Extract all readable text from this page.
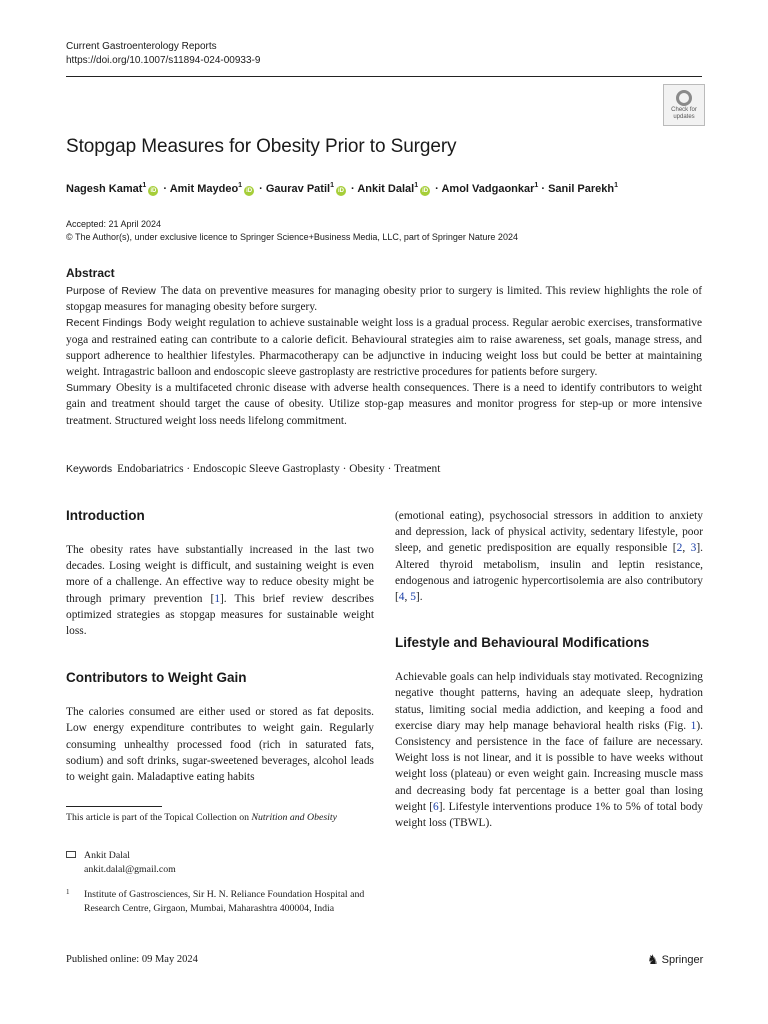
Current Gastroenterology Reports
https://doi.org/10.1007/s11894-024-00933-9
Check for
updates
Stopgap Measures for Obesity Prior to Surgery
Nagesh Kamat$^1$iD · Amit Maydeo$^1$iD · Gaurav Patil$^1$iD · Ankit Dalal$^1$iD · Amol Vadgaonkar$^1$ · Sanil Parekh$^1$
Accepted: 21 April 2024
© The Author(s), under exclusive licence to Springer Science+Business Media, LLC, part of Springer Nature 2024
Abstract

Purpose of Review The data on preventive measures for managing obesity prior to surgery is limited. This review highlights the role of stopgap measures for managing obesity before surgery.

Recent Findings Body weight regulation to achieve sustainable weight loss is a gradual process. Regular aerobic exercises, transformative yoga and restrained eating can contribute to a calorie deficit. Behavioural strategies aim to raise awareness, set goals, manage stress, and support adherence to healthier lifestyles. Pharmacotherapy can be adjunctive in inducing weight loss but could be better at maintaining weight. Intragastric balloon and endoscopic sleeve gastroplasty are restrictive procedures for patients before surgery.

Summary Obesity is a multifaceted chronic disease with adverse health consequences. There is a need to identify contributors to weight gain and treatment should target the cause of obesity. Utilize stop-gap measures and monitor progress for step-up or more intensive treatment. Structured weight loss needs lifelong commitment.

Keywords Endobariatrics · Endoscopic Sleeve Gastroplasty · Obesity · Treatment
Introduction

The obesity rates have substantially increased in the last two decades. Losing weight is difficult, and sustaining weight is even more of a challenge. An effective way to reduce obesity might be through primary prevention [1]. This brief review describes optimized strategies as stopgap measures for sustainable weight loss.

Contributors to Weight Gain

The calories consumed are either used or stored as fat deposits. Low energy expenditure contributes to weight gain. Regularly consuming unhealthy processed food (rich in saturated fats, sodium) and soft drinks, sugar-sweetened beverages, alcohol leads to weight gain. Maladaptive eating habits

(emotional eating), psychosocial stressors in addition to anxiety and depression, lack of physical activity, sedentary lifestyle, poor sleep, and genetic predisposition are equally responsible [2, 3]. Altered thyroid metabolism, insulin and leptin resistance, endogenous and iatrogenic hypercortisolemia are also contributory [4, 5].

Lifestyle and Behavioural Modifications

Achievable goals can help individuals stay motivated. Recognizing negative thought patterns, having an adequate sleep, hydration status, limiting social media addiction, and keeping a food and exercise diary may help manage behavioral health risks (Fig. 1). Consistency and persistence in the face of failure are necessary. Weight loss is not linear, and it is possible to have weeks without weight loss (plateau) or even weight gain. Increasing muscle mass and decreasing body fat percentage is a better goal than losing weight [6]. Lifestyle interventions produce 1% to 5% of total body weight loss (TBWL).

This article is part of the Topical Collection on Nutrition and Obesity
Ankit Dalal
ankit.dalal@gmail.com
1 Institute of Gastrosciences, Sir H. N. Reliance Foundation Hospital and Research Centre, Girgaon, Mumbai, Maharashtra 400004, India
Published online: 09 May 2024	♞ Springer
